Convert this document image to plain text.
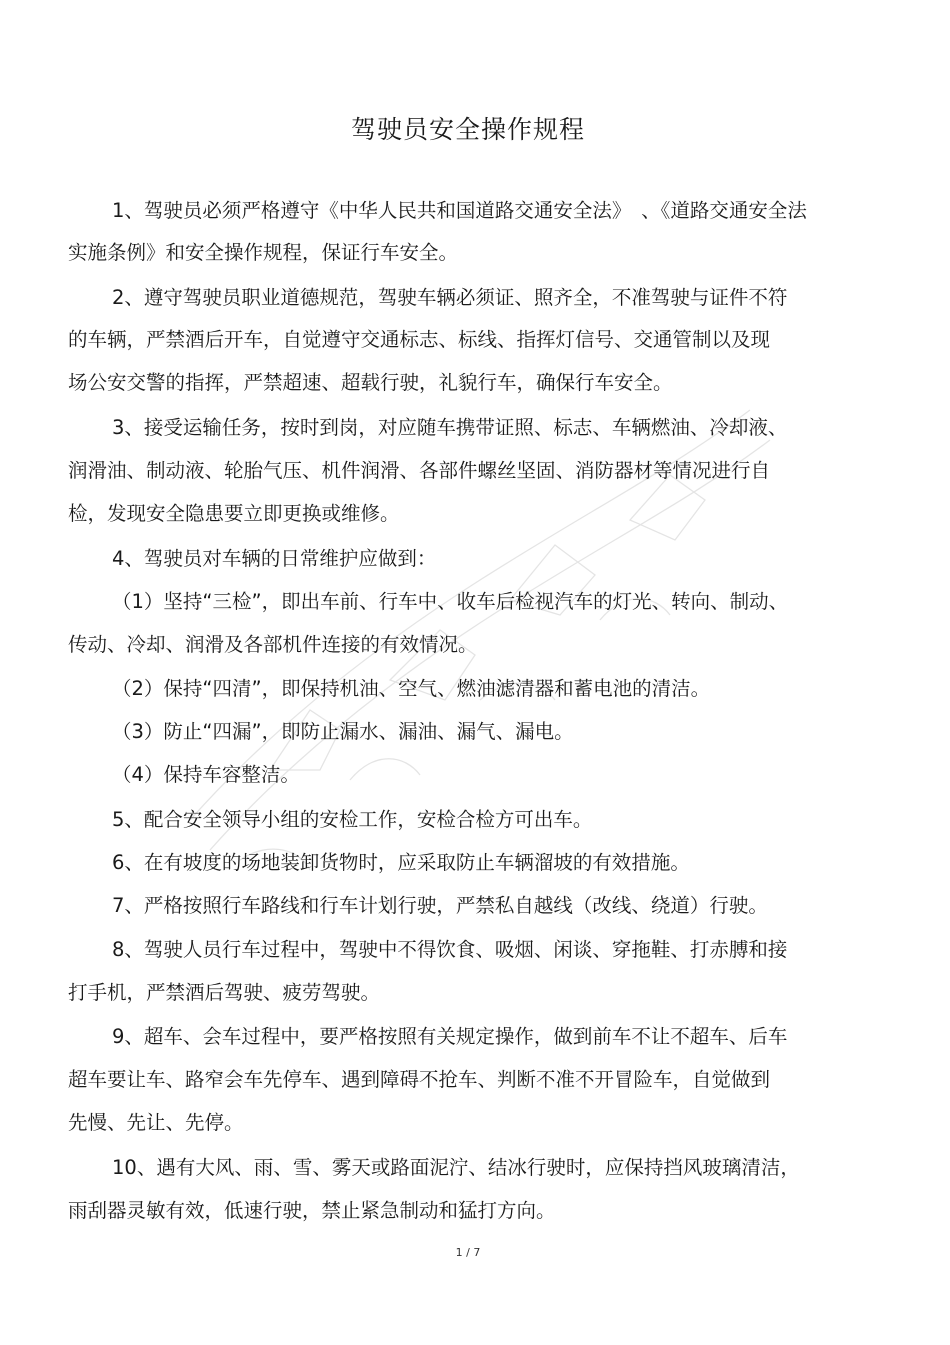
驾驶员安全操作规程
1、驾驶员必须严格遵守《中华人民共和国道路交通安全法》　、《道路交通安全法
实施条例》和安全操作规程，保证行车安全。
2、遵守驾驶员职业道德规范，驾驶车辆必须证、照齐全，不准驾驶与证件不符
的车辆，严禁酒后开车，自觉遵守交通标志、标线、指挥灯信号、交通管制以及现
场公安交警的指挥，严禁超速、超载行驶，礼貌行车，确保行车安全。
3、接受运输任务，按时到岗，对应随车携带证照、标志、车辆燃油、冷却液、
润滑油、制动液、轮胎气压、机件润滑、各部件螺丝坚固、消防器材等情况进行自
检，发现安全隐患要立即更换或维修。
4、驾驶员对车辆的日常维护应做到：
（1）坚持“三检”，即出车前、行车中、收车后检视汽车的灯光、转向、制动、
传动、冷却、润滑及各部机件连接的有效情况。
（2）保持“四清”，即保持机油、空气、燃油滤清器和蓄电池的清洁。
（3）防止“四漏”，即防止漏水、漏油、漏气、漏电。
（4）保持车容整洁。
5、配合安全领导小组的安检工作，安检合检方可出车。
6、在有坡度的场地装卸货物时，应采取防止车辆溜坡的有效措施。
7、严格按照行车路线和行车计划行驶，严禁私自越线（改线、绕道）行驶。
8、驾驶人员行车过程中，驾驶中不得饮食、吸烟、闲谈、穿拖鞋、打赤膊和接
打手机，严禁酒后驾驶、疲劳驾驶。
9、超车、会车过程中，要严格按照有关规定操作，做到前车不让不超车、后车
超车要让车、路窄会车先停车、遇到障碍不抢车、判断不准不开冒险车，自觉做到
先慢、先让、先停。
10、遇有大风、雨、雪、雾天或路面泥泞、结冰行驶时，应保持挡风玻璃清洁，
雨刮器灵敏有效，低速行驶，禁止紧急制动和猛打方向。
1 / 7
